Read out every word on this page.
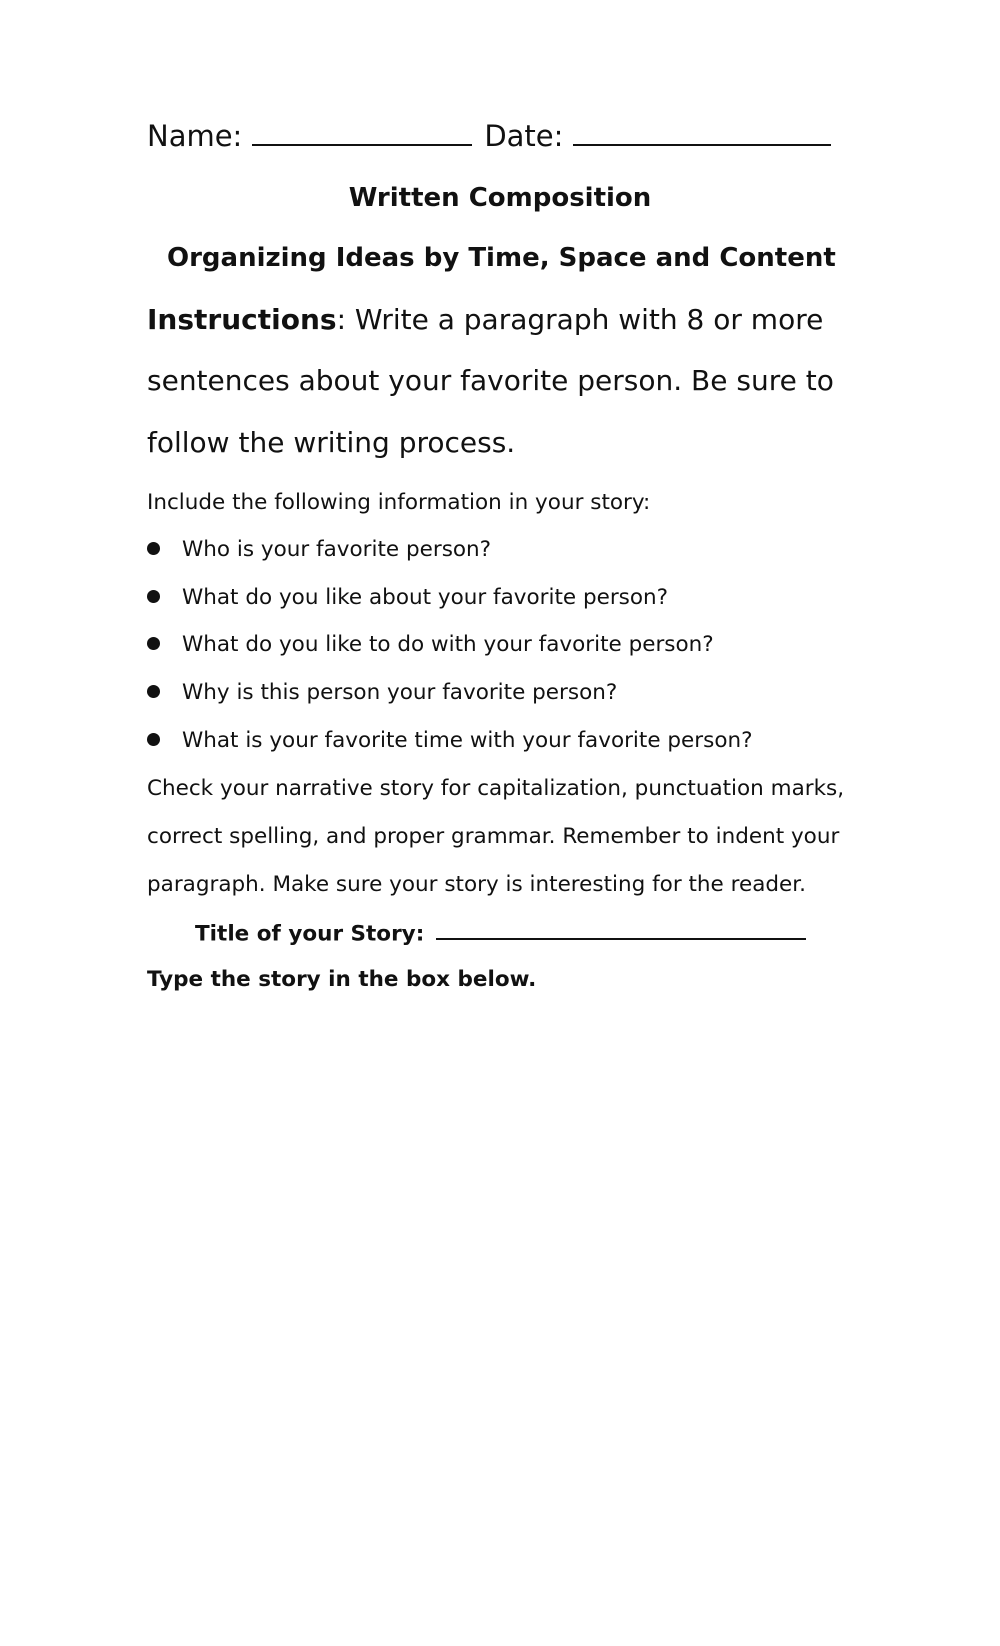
Name:	Date:
Written Composition
Organizing Ideas by Time, Space and Content
Instructions: Write a paragraph with 8 or more
sentences about your favorite person. Be sure to
follow the writing process.
Include the following information in your story:
Who is your favorite person?
What do you like about your favorite person?
What do you like to do with your favorite person?
Why is this person your favorite person?
What is your favorite time with your favorite person?
Check your narrative story for capitalization, punctuation marks,
correct spelling, and proper grammar. Remember to indent your
paragraph. Make sure your story is interesting for the reader.
Title of your Story:
Type the story in the box below.
